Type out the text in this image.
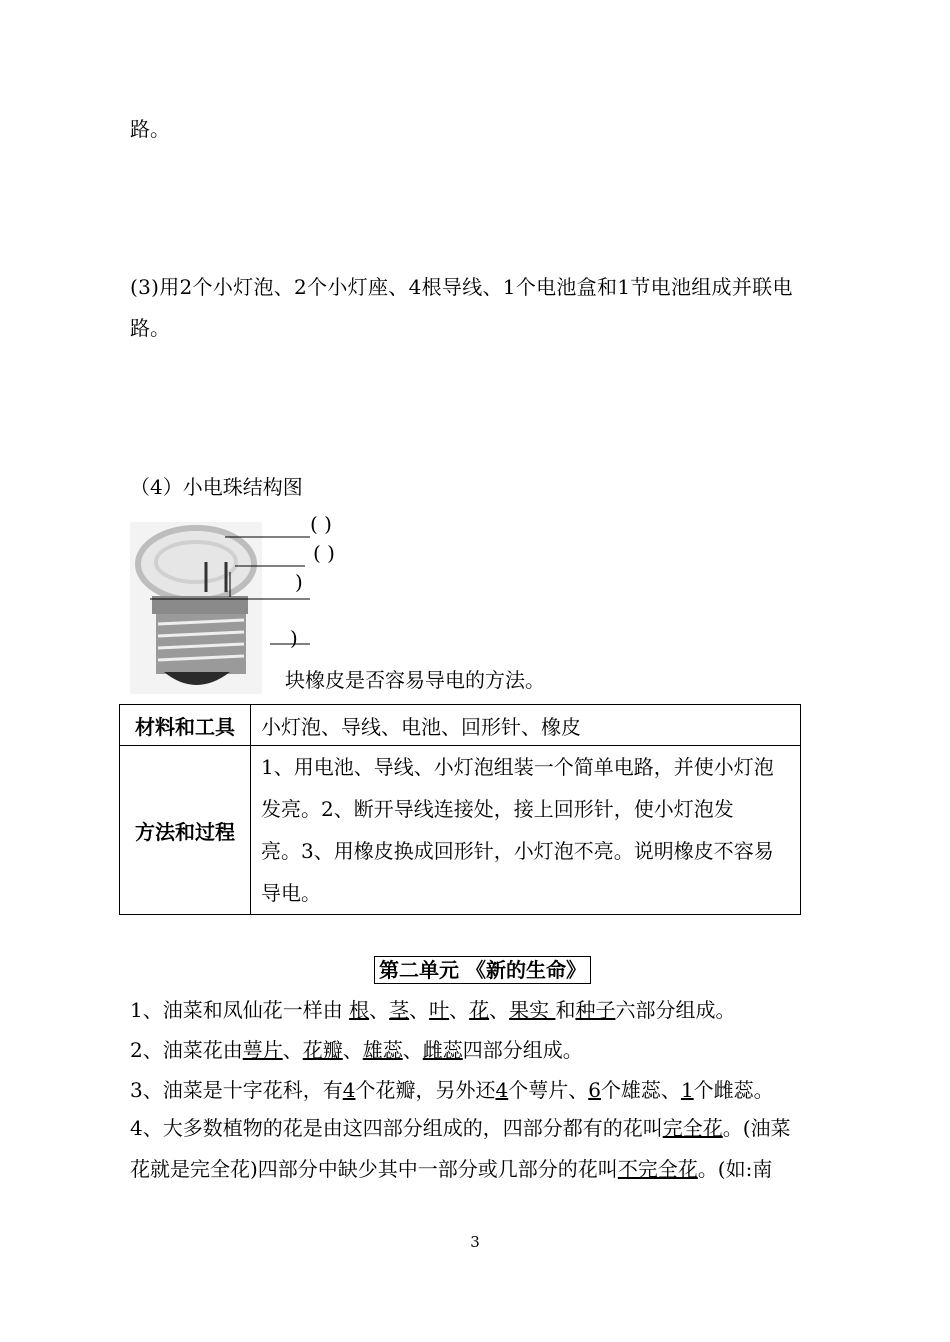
路。
(3)用2个小灯泡、2个小灯座、4根导线、1个电池盒和1节电池组成并联电
路。
（4）小电珠结构图
( )
( )
)
)
块橡皮是否容易导电的方法。
材料和工具	小灯泡、导线、电池、回形针、橡皮
方法和过程	1、用电池、导线、小灯泡组装一个简单电路，并使小灯泡
发亮。2、断开导线连接处，接上回形针，使小灯泡发
亮。3、用橡皮换成回形针，小灯泡不亮。说明橡皮不容易
导电。
第二单元 《新的生命》
1、油菜和凤仙花一样由 根、茎、叶、花、果实 和种子六部分组成。
2、油菜花由萼片、花瓣、雄蕊、雌蕊四部分组成。
3、油菜是十字花科，有4个花瓣，另外还4个萼片、6个雄蕊、1个雌蕊。
4、大多数植物的花是由这四部分组成的，四部分都有的花叫完全花。(油菜
花就是完全花)四部分中缺少其中一部分或几部分的花叫不完全花。(如:南
3
